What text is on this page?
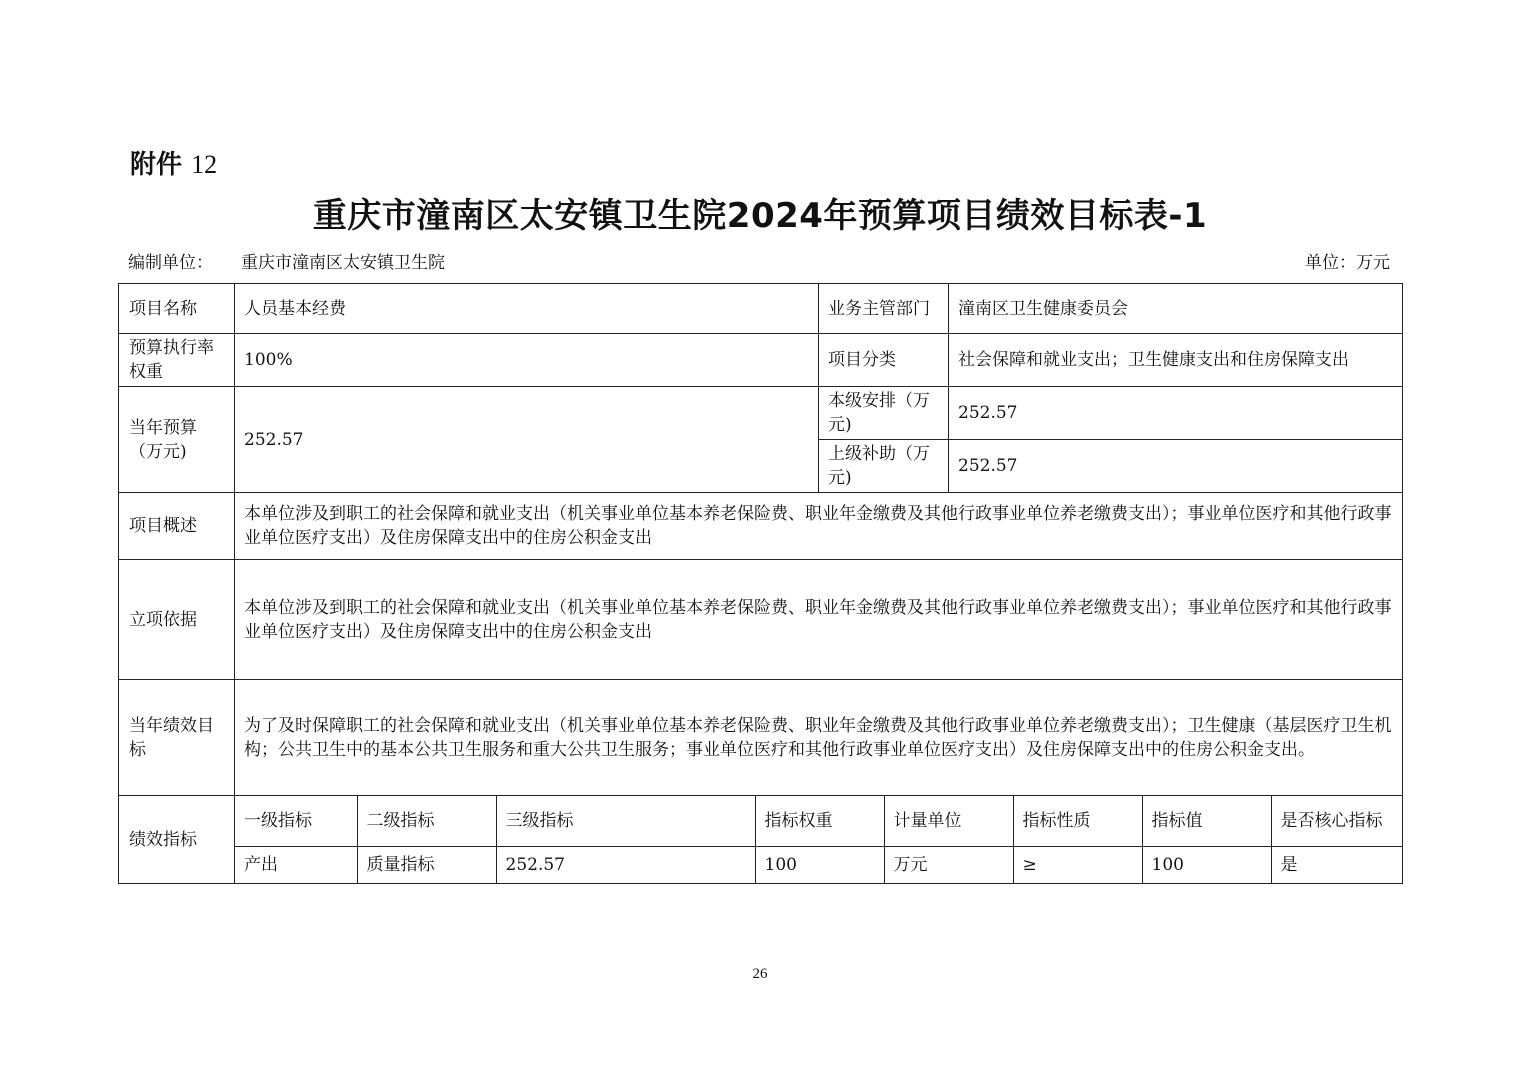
附件 12
重庆市潼南区太安镇卫生院2024年预算项目绩效目标表-1
编制单位： 重庆市潼南区太安镇卫生院	单位：万元
项目名称	人员基本经费	业务主管部门	潼南区卫生健康委员会
预算执行率权重	100%	项目分类	社会保障和就业支出；卫生健康支出和住房保障支出
当年预算（万元)	252.57	本级安排（万元)	252.57
上级补助（万元)	252.57
项目概述	本单位涉及到职工的社会保障和就业支出（机关事业单位基本养老保险费、职业年金缴费及其他行政事业单位养老缴费支出）；事业单位医疗和其他行政事业单位医疗支出）及住房保障支出中的住房公积金支出
立项依据	本单位涉及到职工的社会保障和就业支出（机关事业单位基本养老保险费、职业年金缴费及其他行政事业单位养老缴费支出）；事业单位医疗和其他行政事业单位医疗支出）及住房保障支出中的住房公积金支出
当年绩效目标	为了及时保障职工的社会保障和就业支出（机关事业单位基本养老保险费、职业年金缴费及其他行政事业单位养老缴费支出）；卫生健康（基层医疗卫生机构；公共卫生中的基本公共卫生服务和重大公共卫生服务；事业单位医疗和其他行政事业单位医疗支出）及住房保障支出中的住房公积金支出。
绩效指标	
一级指标	二级指标	三级指标	指标权重	计量单位	指标性质	指标值	是否核心指标
产出	质量指标	252.57	100	万元	≥	100	是
26
